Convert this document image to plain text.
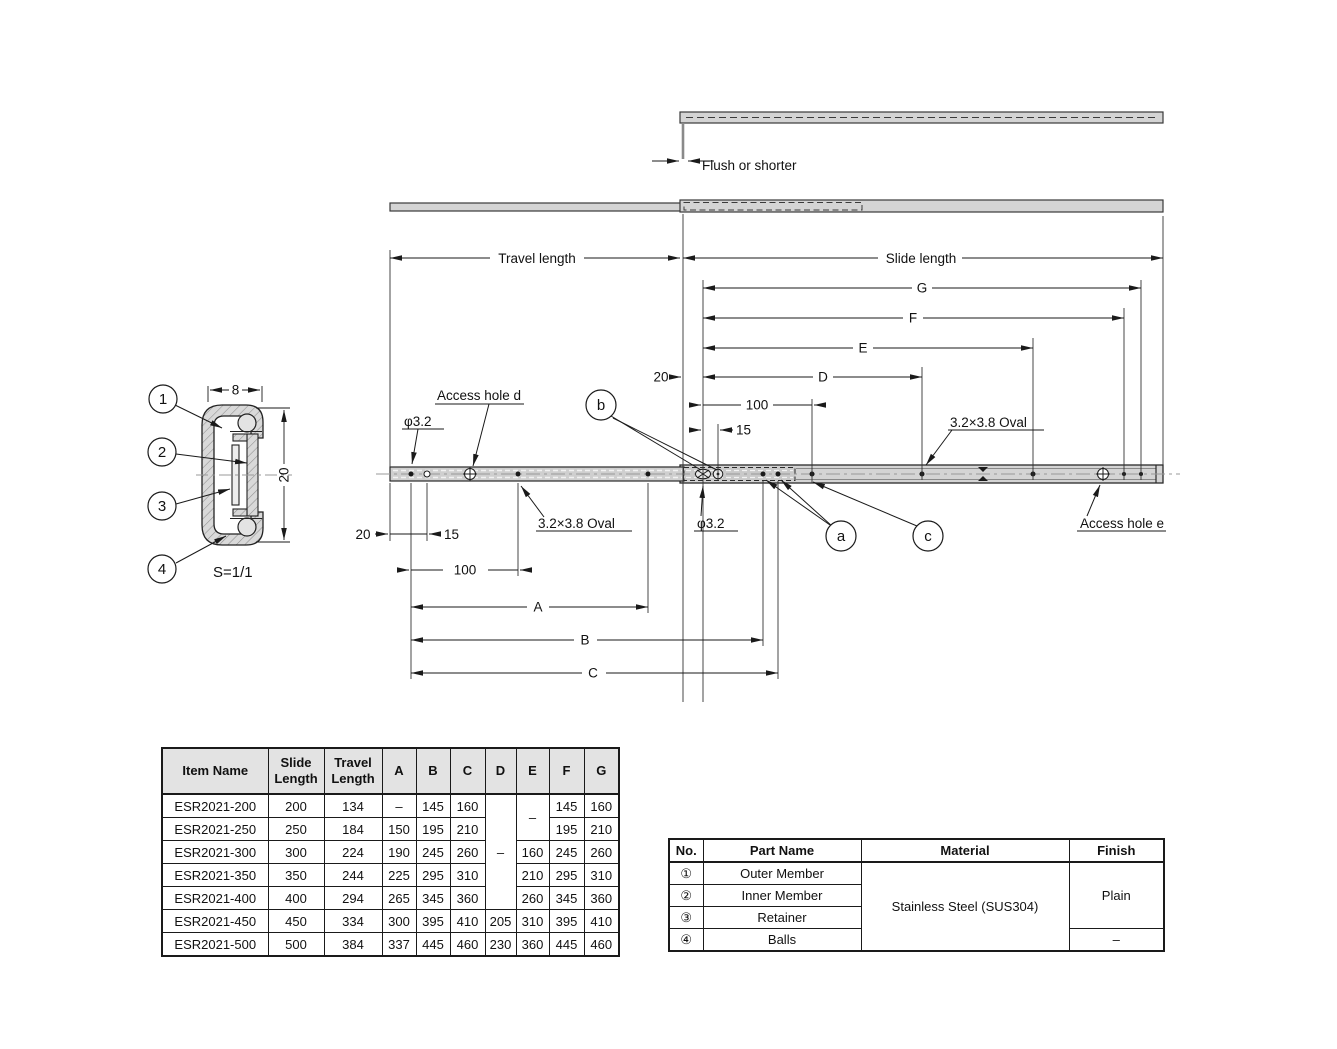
Flush or shorter
Travel length	Slide length
G
F
E
D
20
100
15
20	15
100
A
B
C
Access hole d
φ3.2	3.2×3.8 Oval
3.2×3.8 Oval	φ3.2	Access hole e
b
a	c
8
20
1
2
3
4	S=1/1
Item Name	Slide Length	Travel Length	A	B	C	D	E	F	G
ESR2021-200	200	134	–	145	160	–	–	145	160
ESR2021-250	250	184	150	195	210			195	210
ESR2021-300	300	224	190	245	260		160	245	260
ESR2021-350	350	244	225	295	310		210	295	310
ESR2021-400	400	294	265	345	360		260	345	360
ESR2021-450	450	334	300	395	410	205	310	395	410
ESR2021-500	500	384	337	445	460	230	360	445	460
No.	Part Name	Material	Finish
①	Outer Member	Stainless Steel (SUS304)	Plain
②	Inner Member		
③	Retainer		
④	Balls		–
